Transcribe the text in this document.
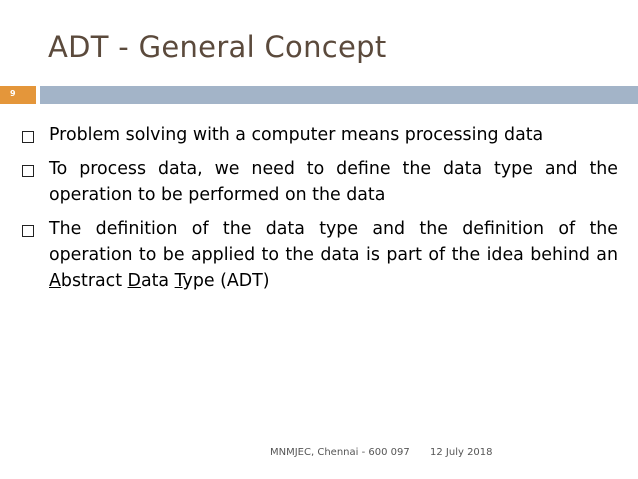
ADT - General Concept
9
Problem solving with a computer means processing data
To process data, we need to define the data type and the operation to be performed on the data
The definition of the data type and the definition of the operation to be applied to the data is part of the idea behind an Abstract Data Type (ADT)
MNMJEC, Chennai - 600 097 12 July 2018
